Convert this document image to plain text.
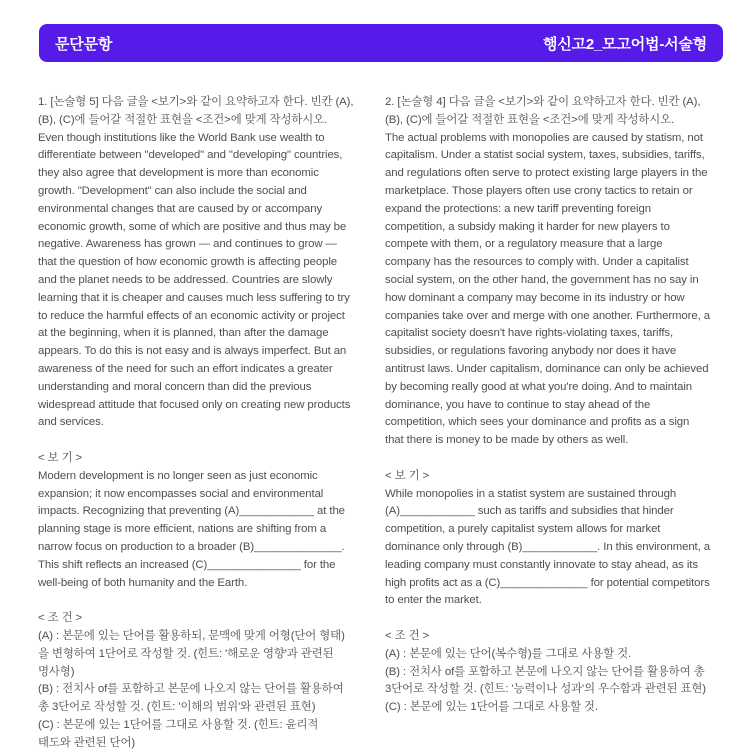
문단문항	행신고2_모고어법-서술형

1. [논술형 5] 다음 글을 <보기>와 같이 요약하고자 한다. 빈칸 (A), (B), (C)에 들어갈 적절한 표현을 <조건>에 맞게 작성하시오.

Even though institutions like the World Bank use wealth to differentiate between "developed" and "developing" countries, they also agree that development is more than economic growth. "Development" can also include the social and environmental changes that are caused by or accompany economic growth, some of which are positive and thus may be negative. Awareness has grown — and continues to grow — that the question of how economic growth is affecting people and the planet needs to be addressed. Countries are slowly learning that it is cheaper and causes much less suffering to try to reduce the harmful effects of an economic activity or project at the beginning, when it is planned, than after the damage appears. To do this is not easy and is always imperfect. But an awareness of the need for such an effort indicates a greater understanding and moral concern than did the previous widespread attitude that focused only on creating new products and services.

< 보 기 >

Modern development is no longer seen as just economic expansion; it now encompasses social and environmental impacts. Recognizing that preventing (A)____________ at the planning stage is more efficient, nations are shifting from a narrow focus on production to a broader (B)______________. This shift reflects an increased (C)_______________ for the well-being of both humanity and the Earth.

< 조 건 >

(A) : 본문에 있는 단어를 활용하되, 문맥에 맞게 어형(단어 형태)을 변형하여 1단어로 작성할 것. (힌트: '해로운 영향'과 관련된 명사형)

(B) : 전치사 of를 포함하고 본문에 나오지 않는 단어를 활용하여 총 3단어로 작성할 것. (힌트: '이해의 범위'와 관련된 표현)

(C) : 본문에 있는 1단어를 그대로 사용할 것. (힌트: 윤리적 태도와 관련된 단어)

2. [논술형 4] 다음 글을 <보기>와 같이 요약하고자 한다. 빈칸 (A), (B), (C)에 들어갈 적절한 표현을 <조건>에 맞게 작성하시오.

The actual problems with monopolies are caused by statism, not capitalism. Under a statist social system, taxes, subsidies, tariffs, and regulations often serve to protect existing large players in the marketplace. Those players often use crony tactics to retain or expand the protections: a new tariff preventing foreign competition, a subsidy making it harder for new players to compete with them, or a regulatory measure that a large company has the resources to comply with. Under a capitalist social system, on the other hand, the government has no say in how dominant a company may become in its industry or how companies take over and merge with one another. Furthermore, a capitalist society doesn't have rights-violating taxes, tariffs, subsidies, or regulations favoring anybody nor does it have antitrust laws. Under capitalism, dominance can only be achieved by becoming really good at what you're doing. And to maintain dominance, you have to continue to stay ahead of the competition, which sees your dominance and profits as a sign that there is money to be made by others as well.

< 보 기 >

While monopolies in a statist system are sustained through (A)____________ such as tariffs and subsidies that hinder competition, a purely capitalist system allows for market dominance only through (B)____________. In this environment, a leading company must constantly innovate to stay ahead, as its high profits act as a (C)______________ for potential competitors to enter the market.

< 조 건 >

(A) : 본문에 있는 단어(복수형)를 그대로 사용할 것.

(B) : 전치사 of를 포함하고 본문에 나오지 않는 단어를 활용하여 총 3단어로 작성할 것. (힌트: '능력이나 성과'의 우수함과 관련된 표현)

(C) : 본문에 있는 1단어를 그대로 사용할 것.
